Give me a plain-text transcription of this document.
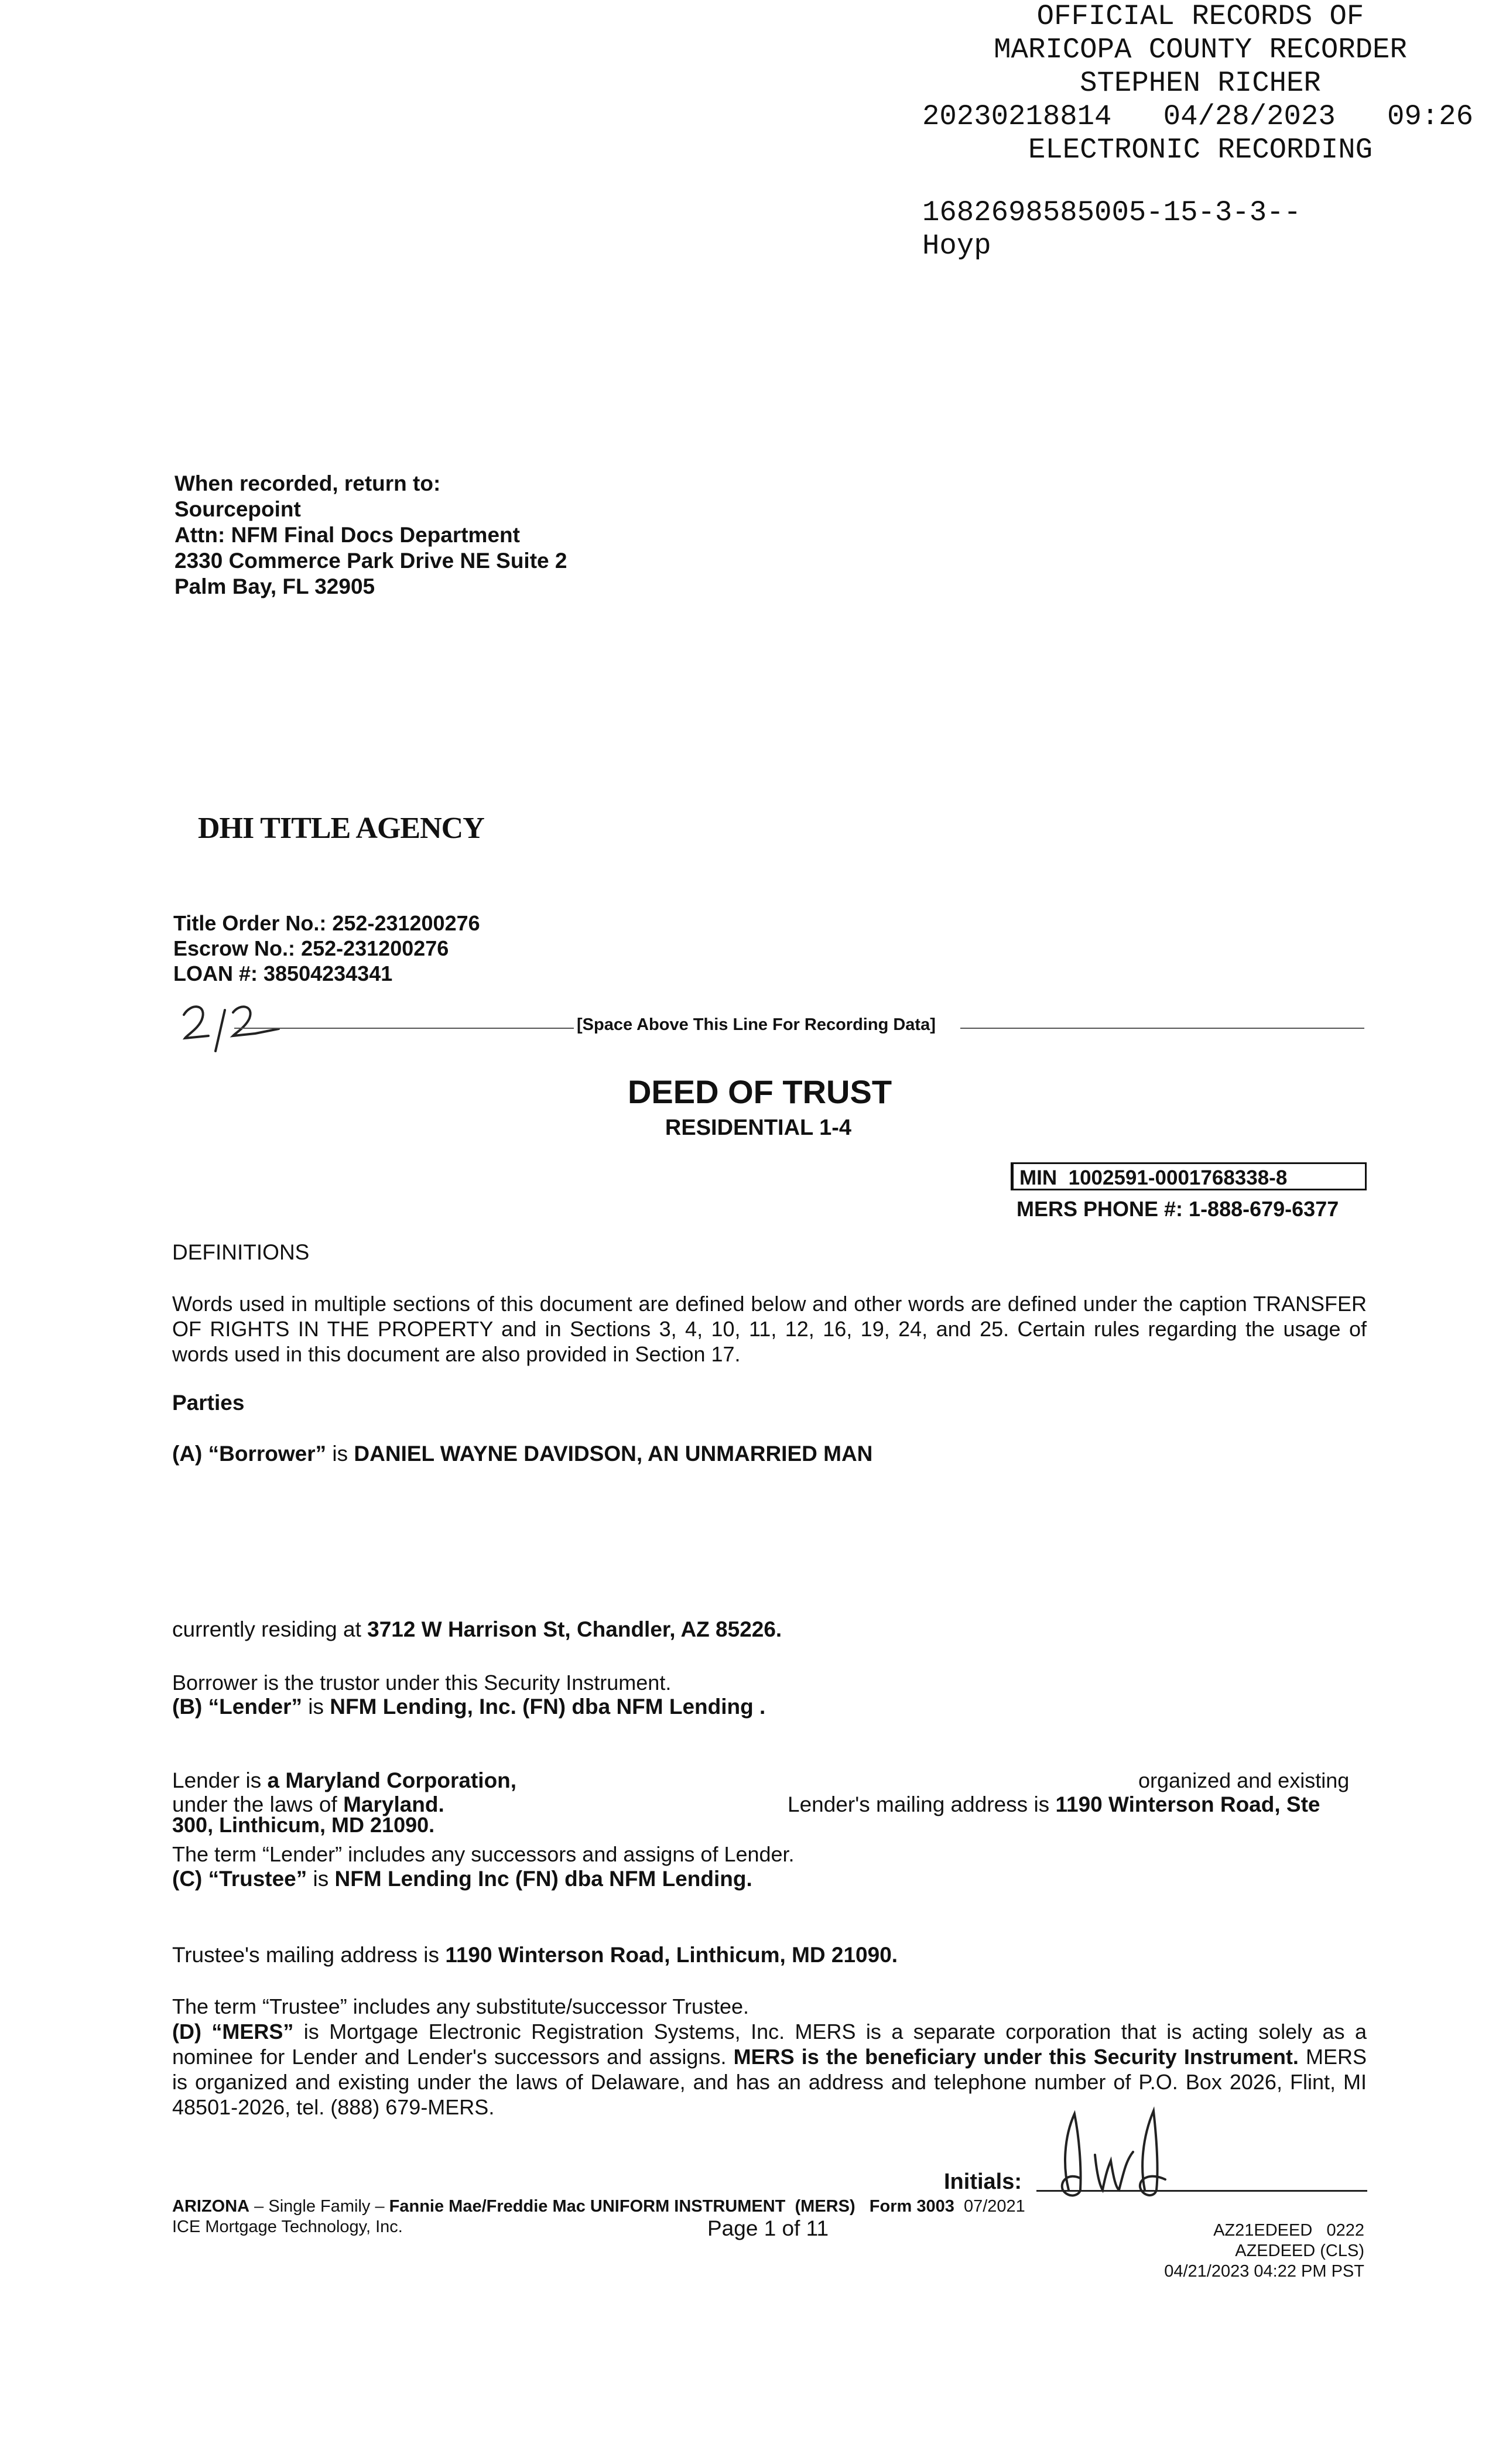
OFFICIAL RECORDS OF
MARICOPA COUNTY RECORDER
STEPHEN RICHER
20230218814 04/28/2023 09:26
ELECTRONIC RECORDING
1682698585005-15-3-3--
Hoyp
When recorded, return to:
Sourcepoint
Attn: NFM Final Docs Department
2330 Commerce Park Drive NE Suite 2
Palm Bay, FL 32905
DHI TITLE AGENCY
Title Order No.: 252-231200276
Escrow No.: 252-231200276
LOAN #: 38504234341
[Space Above This Line For Recording Data]
DEED OF TRUST
RESIDENTIAL 1-4
MIN 1002591-0001768338-8
MERS PHONE #: 1-888-679-6377
DEFINITIONS
Words used in multiple sections of this document are defined below and other words are defined under the caption TRANSFER OF RIGHTS IN THE PROPERTY and in Sections 3, 4, 10, 11, 12, 16, 19, 24, and 25. Certain rules regarding the usage of words used in this document are also provided in Section 17.
Parties
(A) “Borrower” is DANIEL WAYNE DAVIDSON, AN UNMARRIED MAN
currently residing at 3712 W Harrison St, Chandler, AZ 85226.
Borrower is the trustor under this Security Instrument.
(B) “Lender” is NFM Lending, Inc. (FN) dba NFM Lending .
Lender is a Maryland Corporation,	organized and existing
under the laws of Maryland.	Lender's mailing address is 1190 Winterson Road, Ste
300, Linthicum, MD 21090.
The term “Lender” includes any successors and assigns of Lender.
(C) “Trustee” is NFM Lending Inc (FN) dba NFM Lending.
Trustee's mailing address is 1190 Winterson Road, Linthicum, MD 21090.
The term “Trustee” includes any substitute/successor Trustee.
(D) “MERS” is Mortgage Electronic Registration Systems, Inc. MERS is a separate corporation that is acting solely as a nominee for Lender and Lender's successors and assigns. MERS is the beneficiary under this Security Instrument. MERS is organized and existing under the laws of Delaware, and has an address and telephone number of P.O. Box 2026, Flint, MI 48501-2026, tel. (888) 679-MERS.
Initials:
ARIZONA – Single Family – Fannie Mae/Freddie Mac UNIFORM INSTRUMENT  (MERS)   Form 3003  07/2021
ICE Mortgage Technology, Inc.	Page 1 of 11	AZ21EDEED   0222
AZEDEED (CLS)
04/21/2023 04:22 PM PST
